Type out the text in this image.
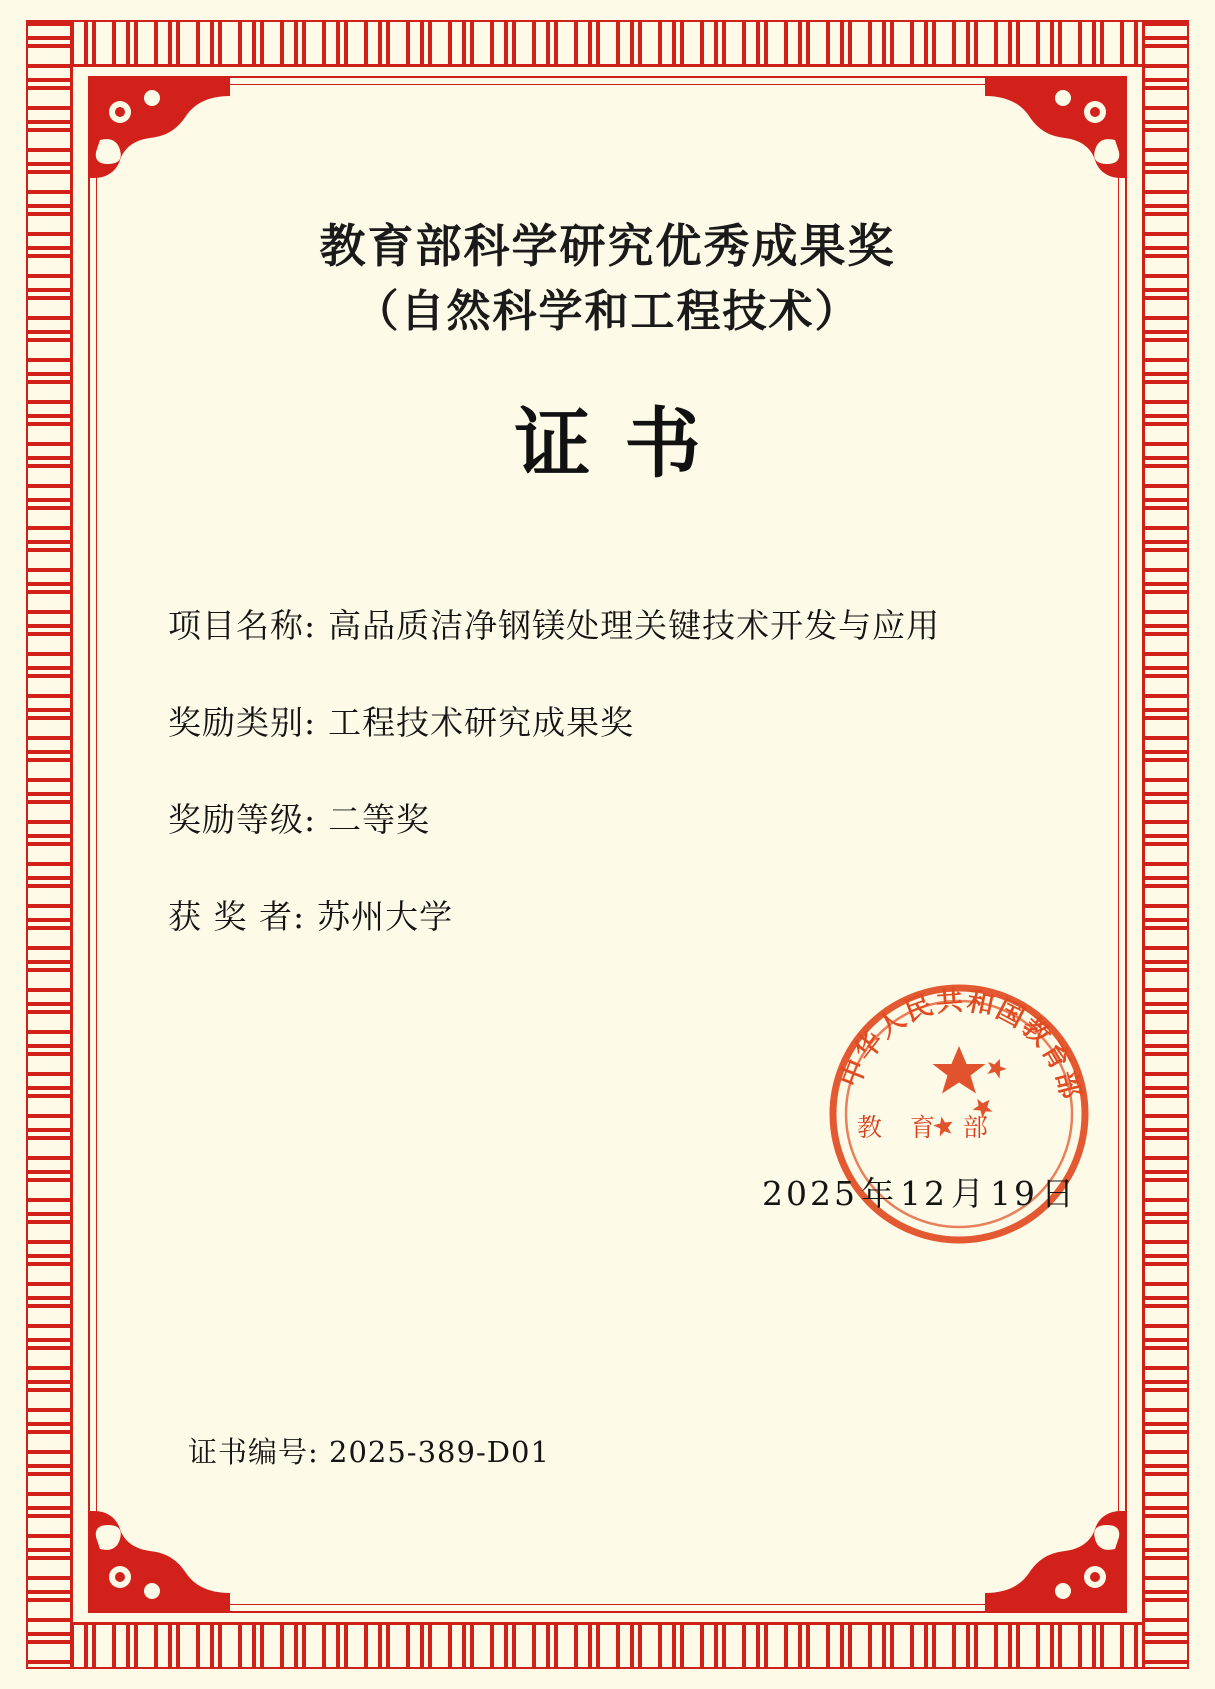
教育部科学研究优秀成果奖
（自然科学和工程技术）
证书
项目名称: 高品质洁净钢镁处理关键技术开发与应用
奖励类别: 工程技术研究成果奖
奖励等级: 二等奖
获 奖 者: 苏州大学
中华人民共和国教育部
教 育 部
2025年12月19日
证书编号: 2025-389-D01
